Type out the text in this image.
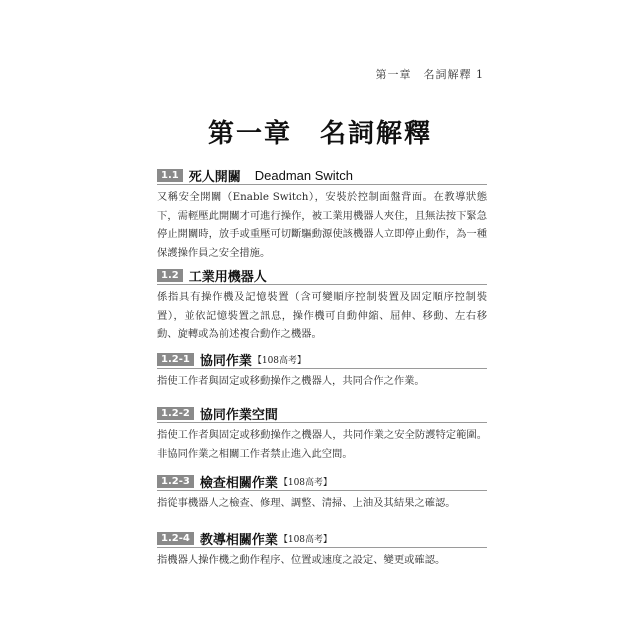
第一章　名詞解釋 1
第一章　名詞解釋
1.1 死人開關 Deadman Switch
又稱安全開關（Enable Switch），安裝於控制面盤背面。在教導狀態下，需輕壓此開關才可進行操作，被工業用機器人夾住，且無法按下緊急停止開關時，放手或重壓可切斷驅動源使該機器人立即停止動作，為一種保護操作員之安全措施。
1.2 工業用機器人
係指具有操作機及記憶裝置（含可變順序控制裝置及固定順序控制裝置），並依記憶裝置之訊息，操作機可自動伸縮、屈伸、移動、左右移動、旋轉或為前述複合動作之機器。
1.2-1 協同作業 【108高考】
指使工作者與固定或移動操作之機器人，共同合作之作業。
1.2-2 協同作業空間
指使工作者與固定或移動操作之機器人，共同作業之安全防護特定範圍。非協同作業之相關工作者禁止進入此空間。
1.2-3 檢查相關作業 【108高考】
指從事機器人之檢查、修理、調整、清掃、上油及其結果之確認。
1.2-4 教導相關作業 【108高考】
指機器人操作機之動作程序、位置或速度之設定、變更或確認。
